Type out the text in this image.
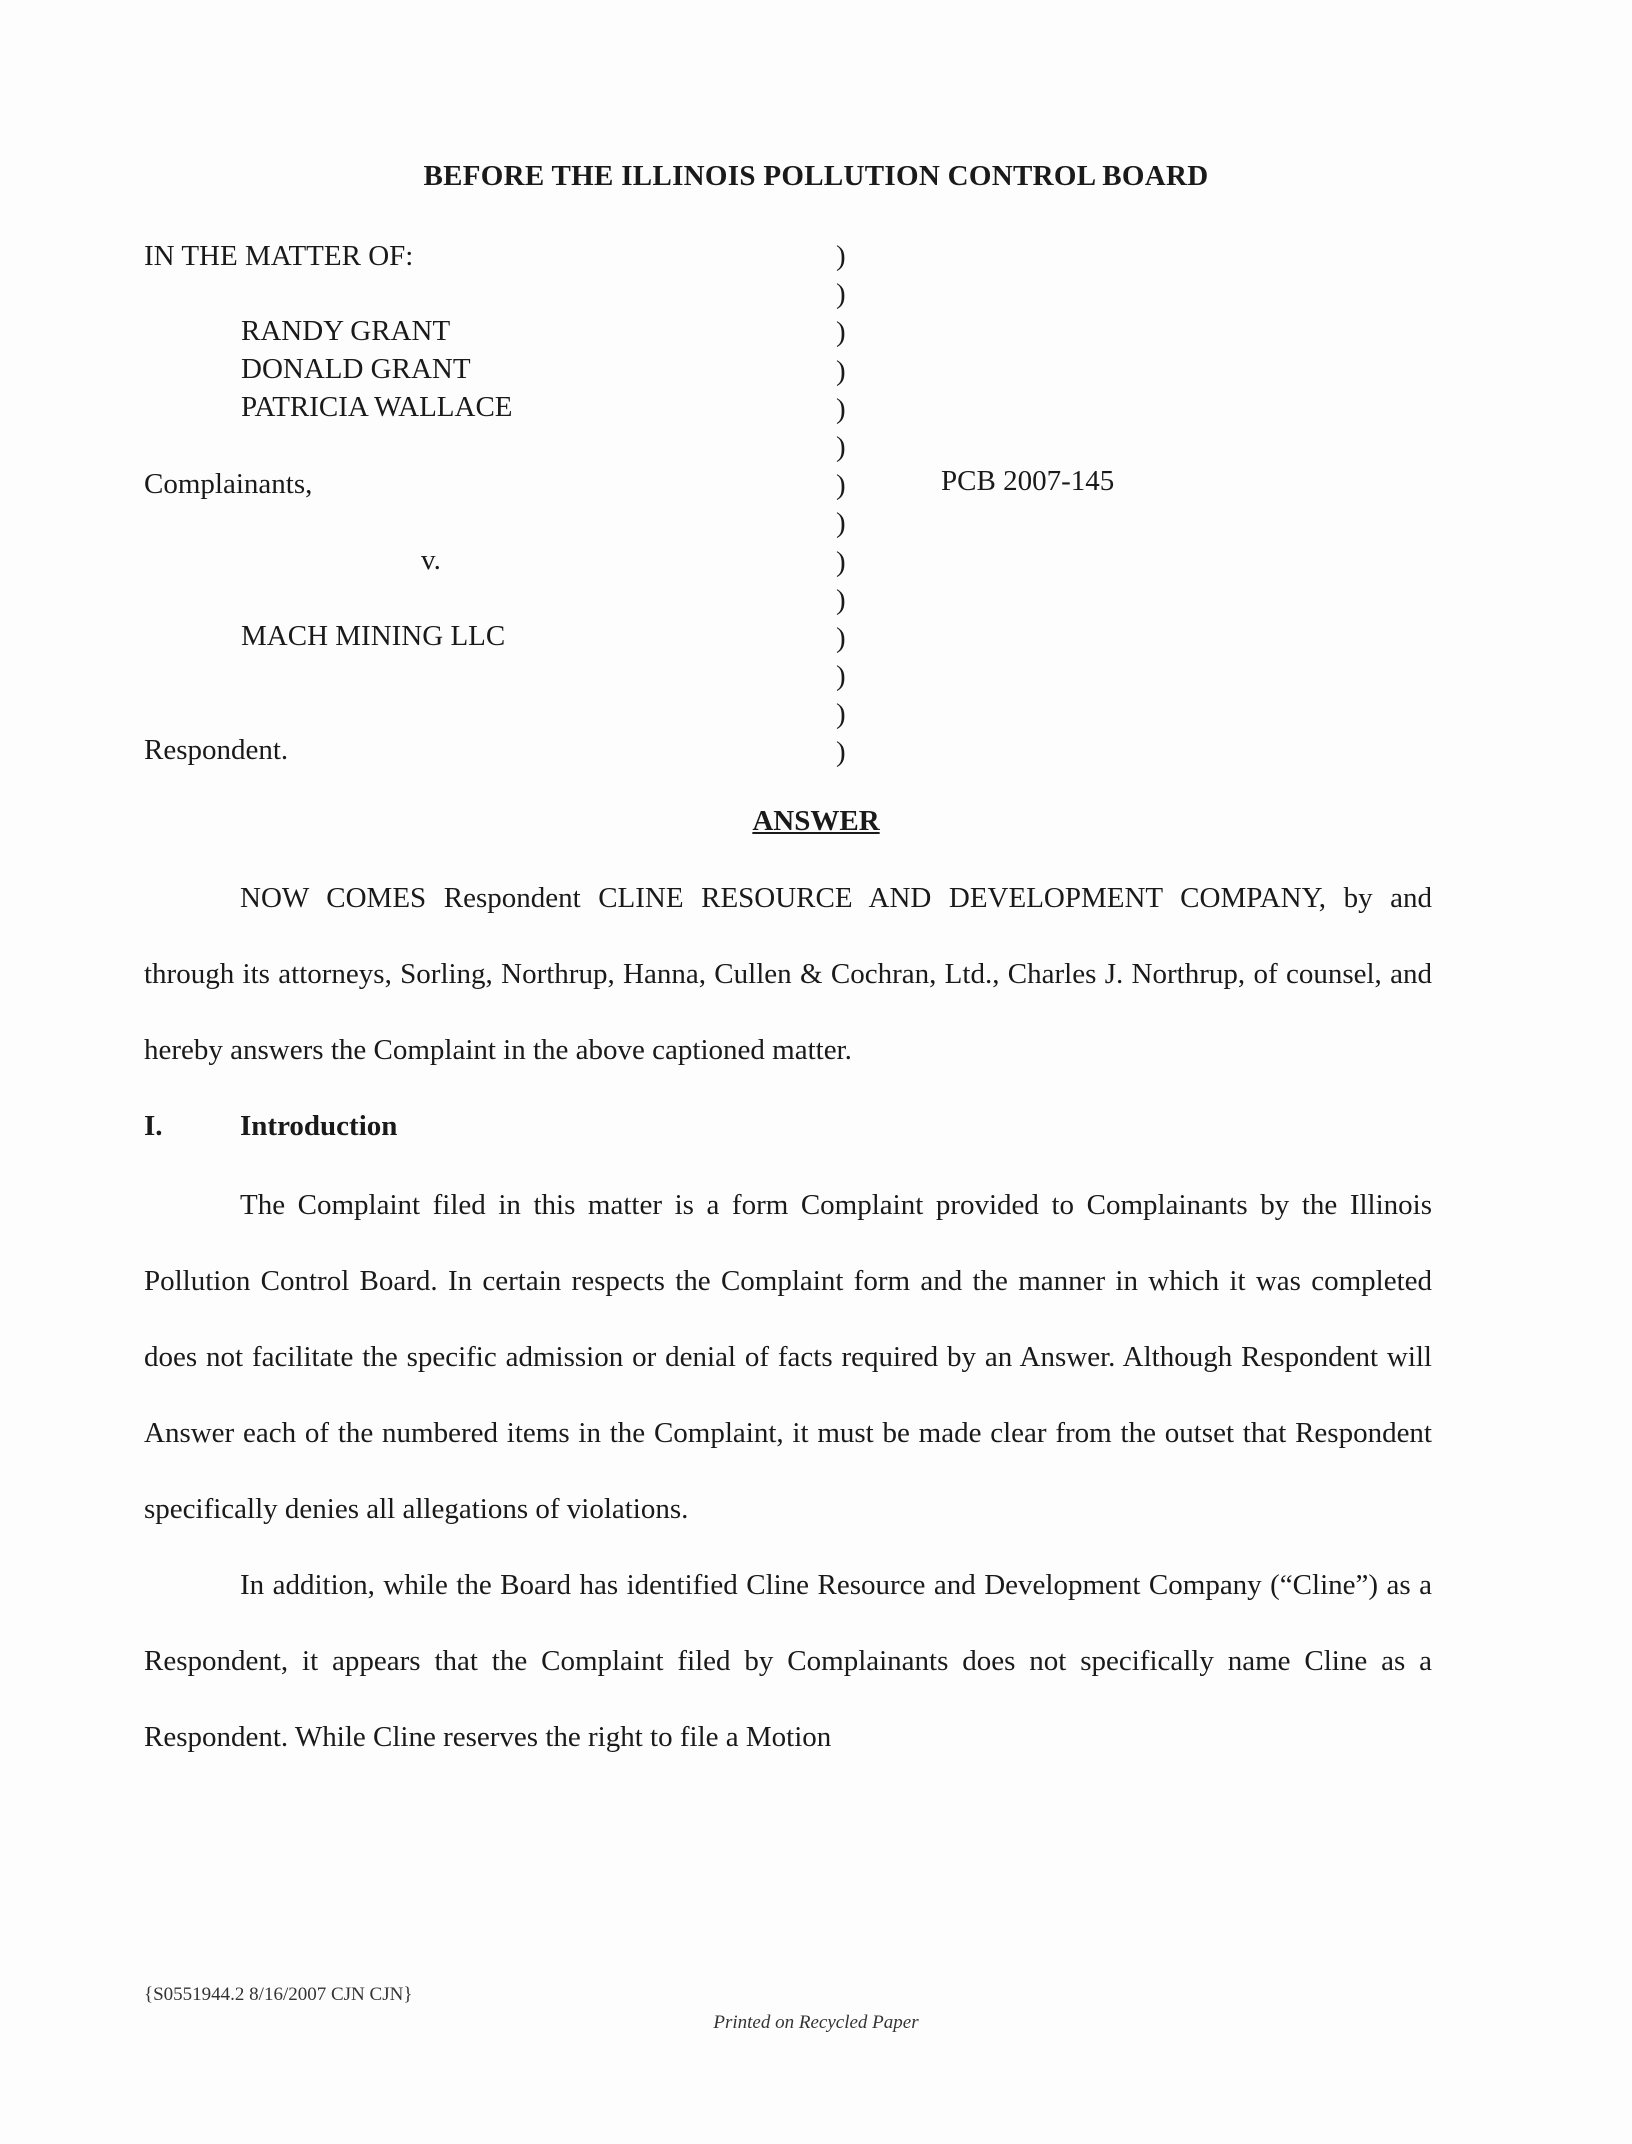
BEFORE THE ILLINOIS POLLUTION CONTROL BOARD
IN THE MATTER OF:
RANDY GRANT
DONALD GRANT
PATRICIA WALLACE
Complainants,
v.
MACH MINING LLC
Respondent.
)
)
)
)
)
)
)
)
)
)
)
)
)
)
PCB 2007-145
ANSWER

NOW COMES Respondent CLINE RESOURCE AND DEVELOPMENT COMPANY, by and through its attorneys, Sorling, Northrup, Hanna, Cullen & Cochran, Ltd., Charles J. Northrup, of counsel, and hereby answers the Complaint in the above captioned matter.

I.	Introduction

The Complaint filed in this matter is a form Complaint provided to Complainants by the Illinois Pollution Control Board. In certain respects the Complaint form and the manner in which it was completed does not facilitate the specific admission or denial of facts required by an Answer. Although Respondent will Answer each of the numbered items in the Complaint, it must be made clear from the outset that Respondent specifically denies all allegations of violations.

In addition, while the Board has identified Cline Resource and Development Company (“Cline”) as a Respondent, it appears that the Complaint filed by Complainants does not specifically name Cline as a Respondent. While Cline reserves the right to file a Motion

{S0551944.2 8/16/2007 CJN CJN}
Printed on Recycled Paper
